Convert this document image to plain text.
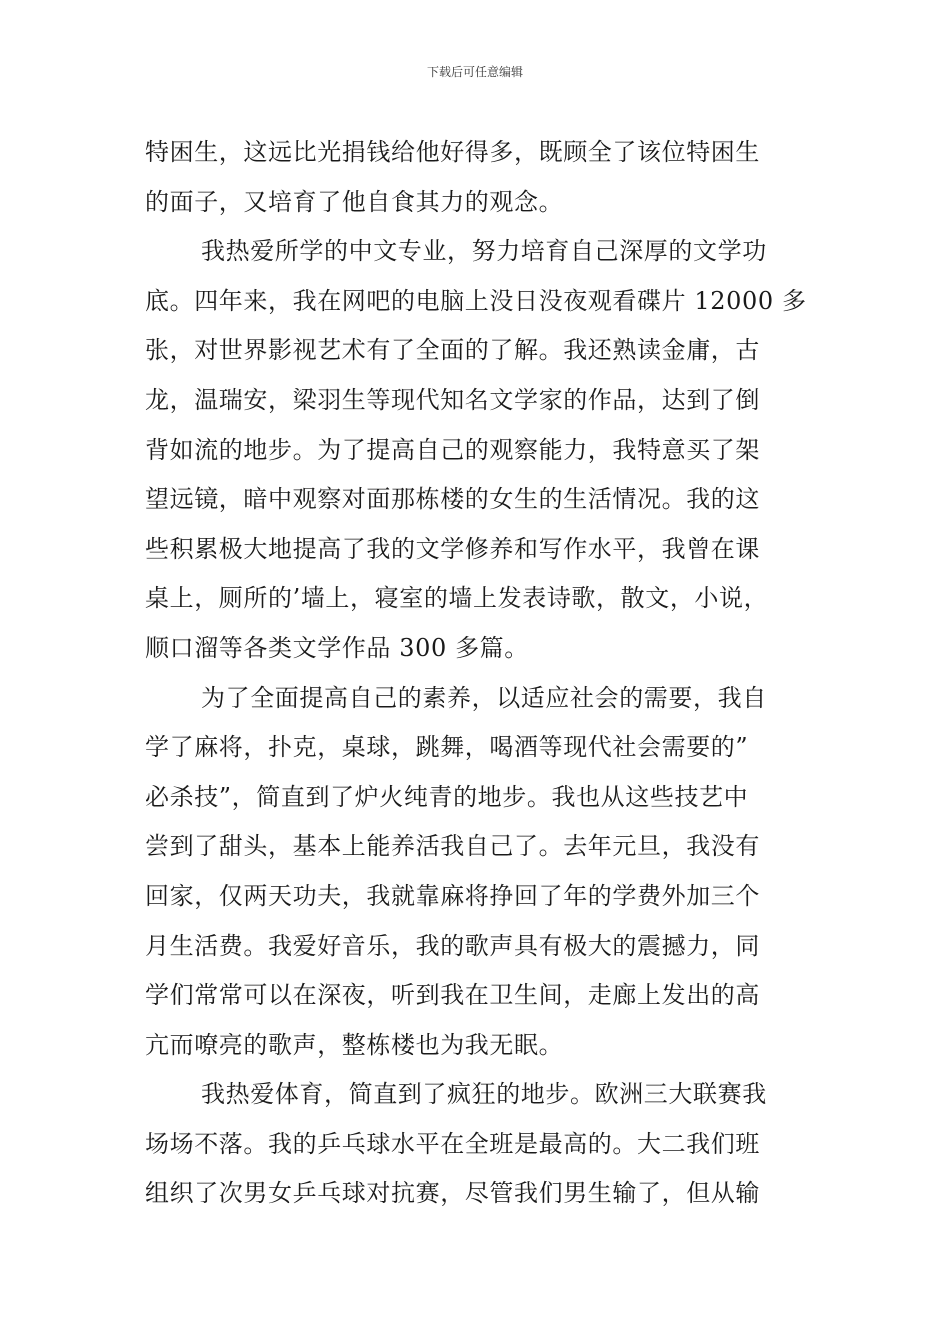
下载后可任意编辑
特困生，这远比光捐钱给他好得多，既顾全了该位特困生
的面子，又培育了他自食其力的观念。
我热爱所学的中文专业，努力培育自己深厚的文学功
底。四年来，我在网吧的电脑上没日没夜观看碟片 12000 多
张，对世界影视艺术有了全面的了解。我还熟读金庸，古
龙，温瑞安，梁羽生等现代知名文学家的作品，达到了倒
背如流的地步。为了提高自己的观察能力，我特意买了架
望远镜，暗中观察对面那栋楼的女生的生活情况。我的这
些积累极大地提高了我的文学修养和写作水平，我曾在课
桌上，厕所的’墙上，寝室的墙上发表诗歌，散文，小说，
顺口溜等各类文学作品 300 多篇。
为了全面提高自己的素养，以适应社会的需要，我自
学了麻将，扑克，桌球，跳舞，喝酒等现代社会需要的”
必杀技”，简直到了炉火纯青的地步。我也从这些技艺中
尝到了甜头，基本上能养活我自己了。去年元旦，我没有
回家，仅两天功夫，我就靠麻将挣回了年的学费外加三个
月生活费。我爱好音乐，我的歌声具有极大的震撼力，同
学们常常可以在深夜，听到我在卫生间，走廊上发出的高
亢而嘹亮的歌声，整栋楼也为我无眠。
我热爱体育，简直到了疯狂的地步。欧洲三大联赛我
场场不落。我的乒乓球水平在全班是最高的。大二我们班
组织了次男女乒乓球对抗赛，尽管我们男生输了，但从输
